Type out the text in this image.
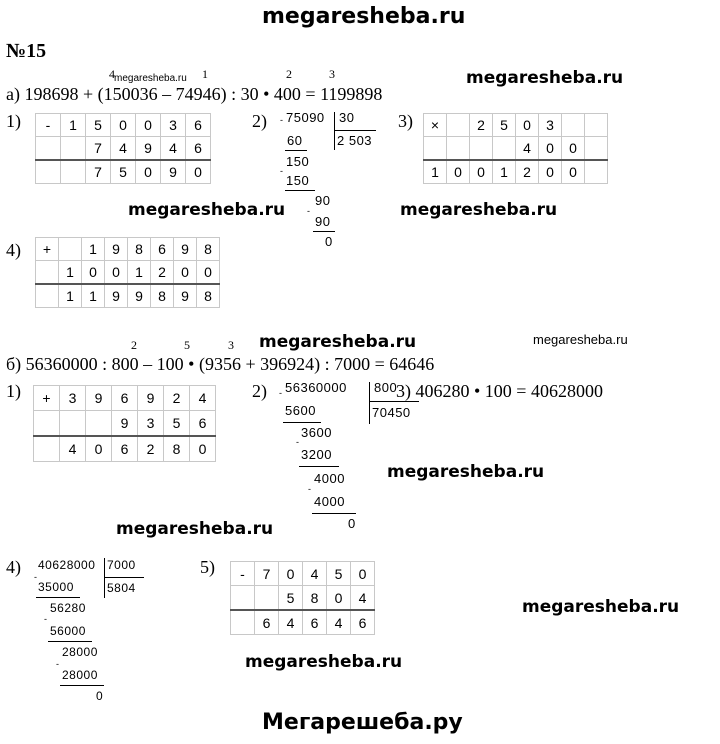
megaresheba.ru
megaresheba.ru
megaresheba.ru	megaresheba.ru
megaresheba.ru	megaresheba.ru
megaresheba.ru
megaresheba.ru
megaresheba.ru
megaresheba.ru
megaresheba.ru
Мегарешеба.ру
№15
4	1	2	3
а) 198698 + (150036 – 74946) : 30 • 400 = 1199898
1) -	1	5	0	0	3	6
		7	4	9	4	6
		7	5	0	9	0
2) - 75090 30
2 503
60
150
-
150
90
-
90
0
3) ×		2	5	0	3		
				4	0	0	
1	0	0	1	2	0	0	
4) +		1	9	8	6	9	8
	1	0	0	1	2	0	0
	1	1	9	9	8	9	8
2	5	3
б) 56360000 : 800 – 100 • (9356 + 396924) : 7000 = 64646
1) +	3	9	6	9	2	4
			9	3	5	6
	4	0	6	2	8	0
2) - 56360000 800
70450
5600
3600
-
3200
4000
-
4000
0
3) 406280 • 100 = 40628000
4) 40628000 7000
5804
-
35000
56280
-
56000
28000
-
28000
0
5) -	7	0	4	5	0
		5	8	0	4
	6	4	6	4	6
